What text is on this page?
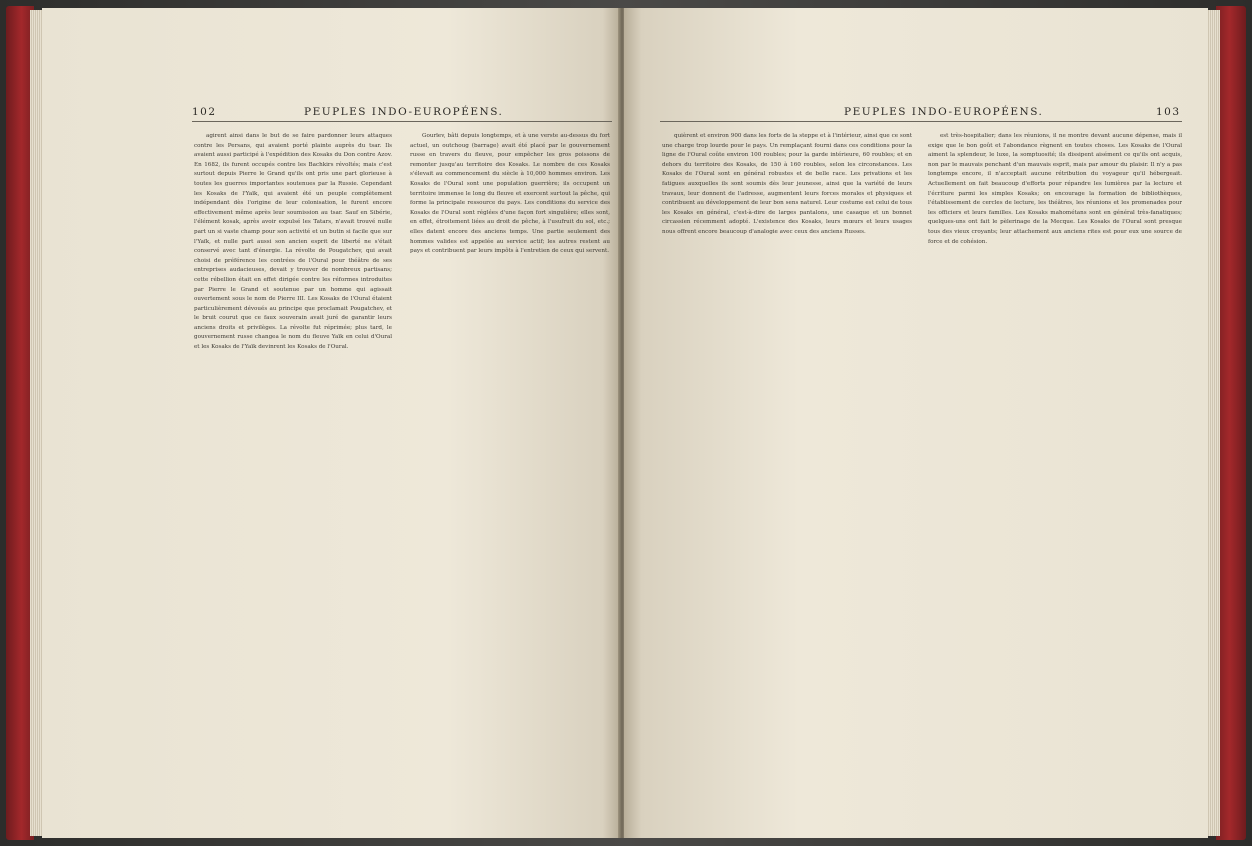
102	PEUPLES INDO-EUROPÉENS.

agirent ainsi dans le but de se faire pardonner leurs attaques contre les Persans, qui avaient porté plainte auprès du tsar. Ils avaient aussi participé à l'expédition des Kosaks du Don contre Azov. En 1682, ils furent occupés contre les Bachkirs révoltés; mais c'est surtout depuis Pierre le Grand qu'ils ont pris une part glorieuse à toutes les guerres importantes soutenues par la Russie. Cependant les Kosaks de l'Yaïk, qui avaient été un peuple complètement indépendant dès l'origine de leur colonisation, le furent encore effectivement même après leur soumission au tsar. Sauf en Sibérie, l'élément kosak, après avoir expulsé les Tatars, n'avait trouvé nulle part un si vaste champ pour son activité et un butin si facile que sur l'Yaïk, et nulle part aussi son ancien esprit de liberté ne s'était conservé avec tant d'énergie. La révolte de Pougatchev, qui avait choisi de préférence les contrées de l'Oural pour théâtre de ses entreprises audacieuses, devait y trouver de nombreux partisans; cette rébellion était en effet dirigée contre les réformes introduites par Pierre le Grand et soutenue par un homme qui agissait ouvertement sous le nom de Pierre III. Les Kosaks de l'Oural étaient particulièrement dévoués au principe que proclamait Pougatchev, et le bruit courut que ce faux souverain avait juré de garantir leurs anciens droits et privilèges. La révolte fut réprimée; plus tard, le gouvernement russe changea le nom du fleuve Yaïk en celui d'Oural et les Kosaks de l'Yaïk devinrent les Kosaks de l'Oural.

Gourïev, bâti depuis longtemps, et à une verste au-dessus du fort actuel, un outchoug (barrage) avait été placé par le gouvernement russe en travers du fleuve, pour empêcher les gros poissons de remonter jusqu'au territoire des Kosaks. Le nombre de ces Kosaks s'élevait au commencement du siècle à 10,000 hommes environ. Les Kosaks de l'Oural sont une population guerrière; ils occupent un territoire immense le long du fleuve et exercent surtout la pêche, qui forme la principale ressource du pays. Les conditions du service des Kosaks de l'Oural sont réglées d'une façon fort singulière; elles sont, en effet, étroitement liées au droit de pêche, à l'usufruit du sol, etc.; elles datent encore des anciens temps. Une partie seulement des hommes valides est appelée au service actif; les autres restent au pays et contribuent par leurs impôts à l'entretien de ceux qui servent.

PEUPLES INDO-EUROPÉENS.	103

quièrent et environ 900 dans les forts de la steppe et à l'intérieur, ainsi que ce sont une charge trop lourde pour le pays. Un remplaçant fourni dans ces conditions pour la ligne de l'Oural coûte environ 100 roubles; pour la garde intérieure, 60 roubles; et en dehors du territoire des Kosaks, de 150 à 160 roubles, selon les circonstances. Les Kosaks de l'Oural sont en général robustes et de belle race. Les privations et les fatigues auxquelles ils sont soumis dès leur jeunesse, ainsi que la variété de leurs travaux, leur donnent de l'adresse, augmentent leurs forces morales et physiques et contribuent au développement de leur bon sens naturel. Leur costume est celui de tous les Kosaks en général, c'est-à-dire de larges pantalons, une casaque et un bonnet circassien récemment adopté. L'existence des Kosaks, leurs mœurs et leurs usages nous offrent encore beaucoup d'analogie avec ceux des anciens Russes.

est très-hospitalier; dans les réunions, il ne montre devant aucune dépense, mais il exige que le bon goût et l'abondance règnent en toutes choses. Les Kosaks de l'Oural aiment la splendeur, le luxe, la somptuosité; ils dissipent aisément ce qu'ils ont acquis, non par le mauvais penchant d'un mauvais esprit, mais par amour du plaisir. Il n'y a pas longtemps encore, il n'acceptait aucune rétribution du voyageur qu'il hébergeait. Actuellement on fait beaucoup d'efforts pour répandre les lumières par la lecture et l'écriture parmi les simples Kosaks; on encourage la formation de bibliothèques, l'établissement de cercles de lecture, les théâtres, les réunions et les promenades pour les officiers et leurs familles. Les Kosaks mahométans sont en général très-fanatiques; quelques-uns ont fait le pèlerinage de la Mecque. Les Kosaks de l'Oural sont presque tous des vieux croyants; leur attachement aux anciens rites est pour eux une source de force et de cohésion.
